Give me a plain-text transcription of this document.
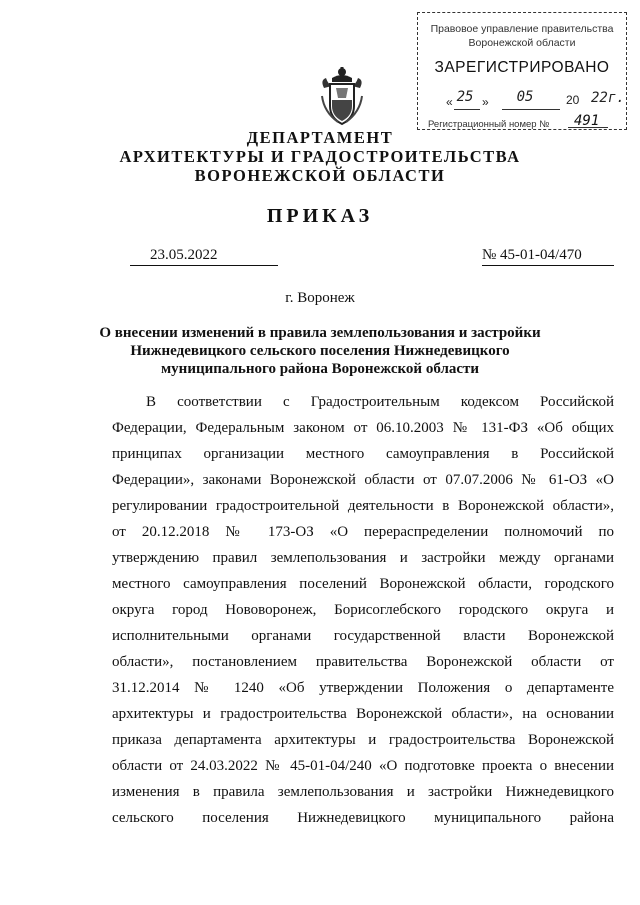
Правовое управление правительства
Воронежской области
ЗАРЕГИСТРИРОВАНО
« 25 »	05	20 22г.
Регистрационный номер № 491
ДЕПАРТАМЕНТ
АРХИТЕКТУРЫ И ГРАДОСТРОИТЕЛЬСТВА
ВОРОНЕЖСКОЙ ОБЛАСТИ
ПРИКАЗ
23.05.2022	№ 45-01-04/470
г. Воронеж
О внесении изменений в правила землепользования и застройки
Нижнедевицкого сельского поселения Нижнедевицкого
муниципального района Воронежской области
В соответствии с Градостроительным кодексом Российской
Федерации, Федеральным законом от 06.10.2003 № 131-ФЗ «Об общих
принципах организации местного самоуправления в Российской
Федерации», законами Воронежской области от 07.07.2006 № 61-ОЗ «О
регулировании градостроительной деятельности в Воронежской области»,
от 20.12.2018 № 173-ОЗ «О перераспределении полномочий по
утверждению правил землепользования и застройки между органами
местного самоуправления поселений Воронежской области, городского
округа город Нововоронеж, Борисоглебского городского округа и
исполнительными органами государственной власти Воронежской
области», постановлением правительства Воронежской области от
31.12.2014 № 1240 «Об утверждении Положения о департаменте
архитектуры и градостроительства Воронежской области», на основании
приказа департамента архитектуры и градостроительства Воронежской
области от 24.03.2022 № 45-01-04/240 «О подготовке проекта о внесении
изменения в правила землепользования и застройки Нижнедевицкого
сельского поселения Нижнедевицкого муниципального района
